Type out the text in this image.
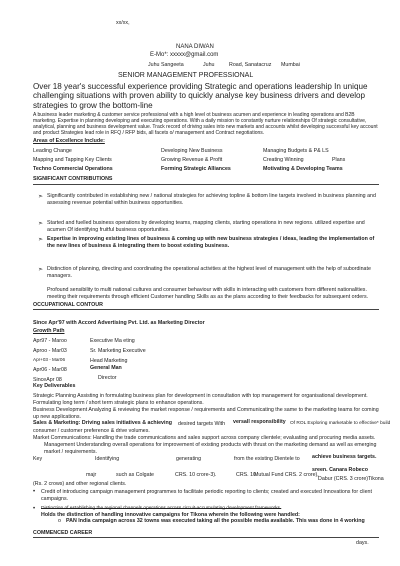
xx/xx,
NANA DIWAN
E-Mo*: xxxxx@gmail.com
Juhu Sangeeta	Juhu	Road, Sanatacruz Mumbai
SENIOR MANAGEMENT PROFESSIONAL
Over 18 year's successful experience providing Strategic and operations leadership In unique challenging situations with proven ability to quickly analyse key business drivers and develop strategies to grow the bottom-line
A business leader marketing & customer service professional with a high level ot business acumen and experience in leading operations and B2B marketing. Expertise in planning developing and executing operations. With a daily mission to constantly nurture relationships Of strategic consultative, analytical, planning and business development value. Track record of driving sales into new markets and accounts whilst developing successful key account and product Strategies lead role in RFQ / RFP bids, all facets o/ management and Contract negotiations.
Areas of Excellence Include:
Leading Change	Developing New Business	Managing Budgets & P& LS
Mapping and Tapping Key Clients	Growing Revenue & Profit	Creating Winning	Plans
Techno Commercial Operations	Forming Strategic Alliances	Motivating & Developing Teams
SIGNIFICANT CONTRIBUTIONS
➣ Significantly contributed in establishing new / national strategies for achieving topline & bottom line targets involved in business planning and assessing revenue potential within business opportunities.
➣ Started and fuelled business operations by developing teams, mapping clients, starting operations in new regions. utilized expertise and acumen Of identifying fruitful business opportunities.
➣ Expertise in improving existing lines of business & coming up with new business strategies / ideas, leading the implementation of the new lines of business & integrating them to boost existing business.
➣ Distinction of planning, directing and coordinating the operational activities at the highest level of management with the help of subordinate managers.
Profound sensibility to multi national cultures and consumer behaviour with skills in interacting with customers from different nationalities. meeting their requirements through efficient Customer handling Skills as as the plans according to their feedbacks for subsequent orders.
OCCUPATIONAL CONTOUR
Since Apr'97 with Accord Advertising Pvt. Ltd. as Marketing Director
Growth Path
Apr97 - Maroo	Executive Ma eting
Aproo - Mar03	Sr. Marketing Executive
Apr+03 - Mar06	Head Marketing
Apr06 - Mar08	General Man
SinceApr 08	Director
Key Deliverables
Strategic Planning Assisting in formulating business plan for development in consultation with top management for organisational development.
Formulating long term / short term strategic plans to enhance operations.
Business Development Analyzing & reviewing the market response / requirements and Communicating the same to the marketing teams for coming up new applications.
Sales & Marketing: Driving sales initiatives & achieving desired targets With versall responsibility Of ROL Exploring marketable to effective* build
consumer / customer preference & drive volumes.
Market Communications: Handling the trade communications and sales support across company clientele; evaluating and procuring media assets.
Management Understanding overall operations for improvement of existing products with thrust on the marketing demand as well as emerging market / requirements.
Key	Identifying	generating	from the existing Dientele to achieve business targets.
sreen. Canara Robeco
majr	such as Colgate	CRS. 10 crore-3).	CRS. 10
Mutual Fund CRS. 2 crore),
Dabur (CRS. 3 crore) Tikona
(Rs. 2 crows) and other regional clients.
• Credit of introducing campaign management programmes to facilitate periodic reporting to clients; created and executed Innovations for client campaigns.
• Distinction of establishing the regional channels operations across circuit-accumulating development frameworks.
Holds the distinction of handling innovative campaigns for Tikona wherein the following were handled:
o PAN India campaign across 32 towns was executed taking all the possible media available. This was done in 4 working
COMMENCED CAREER
days.
